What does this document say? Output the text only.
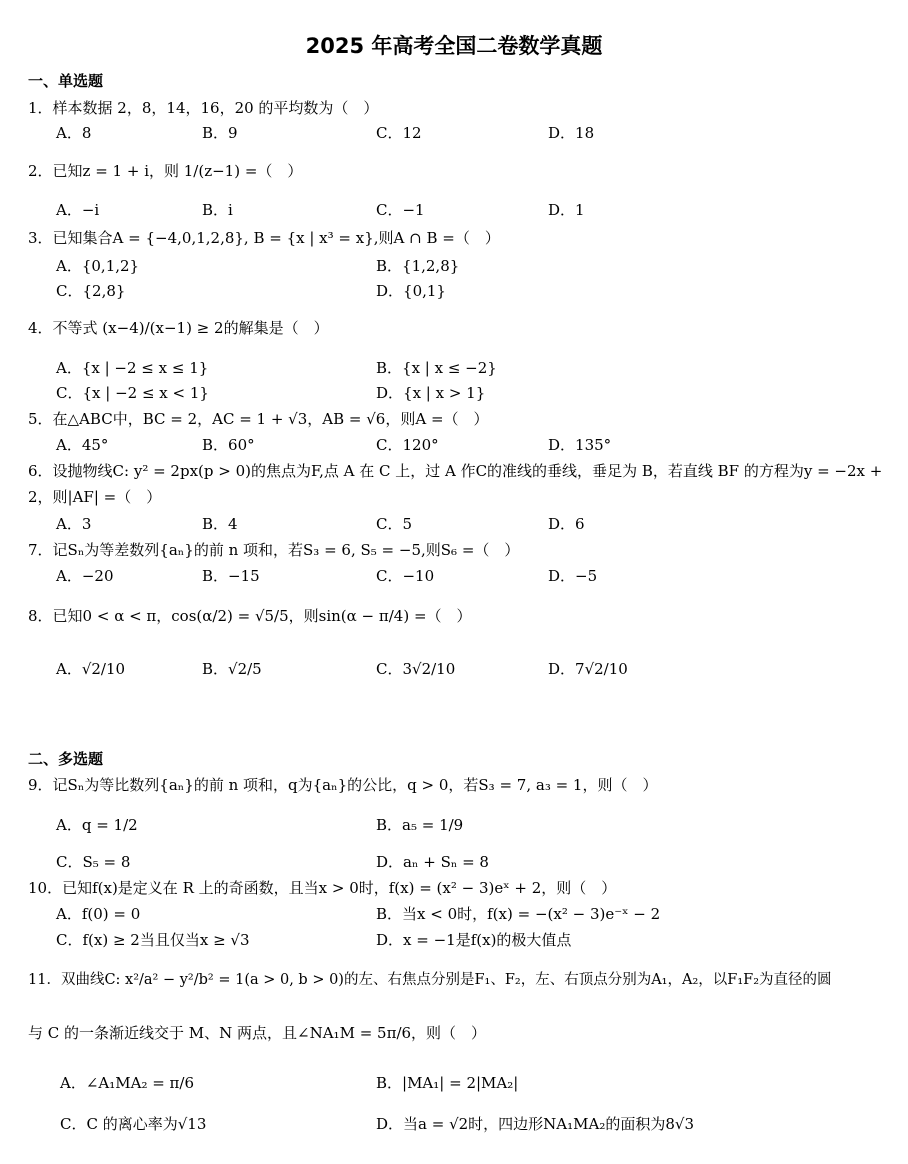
2025 年高考全国二卷数学真题
一、单选题
1．样本数据 2，8，14，16，20 的平均数为（　）
A．8	B．9	C．12	D．18
2．已知z = 1 + i，则 1/(z−1) =（　）
A．−i	B．i	C．−1	D．1
3．已知集合A = {−4,0,1,2,8}, B = {x | x³ = x},则A ∩ B =（　）
A．{0,1,2}	B．{1,2,8}
C．{2,8}	D．{0,1}
4．不等式 (x−4)/(x−1) ≥ 2的解集是（　）
A．{x | −2 ≤ x ≤ 1}	B．{x | x ≤ −2}
C．{x | −2 ≤ x < 1}	D．{x | x > 1}
5．在△ABC中，BC = 2，AC = 1 + √3，AB = √6，则A =（　）
A．45°	B．60°	C．120°	D．135°
6．设抛物线C: y² = 2px(p > 0)的焦点为F,点 A 在 C 上，过 A 作C的准线的垂线，垂足为 B，若直线 BF 的方程为y = −2x + 2，则|AF| =（　）
A．3	B．4	C．5	D．6
7．记Sₙ为等差数列{aₙ}的前 n 项和，若S₃ = 6, S₅ = −5,则S₆ =（　）
A．−20	B．−15	C．−10	D．−5
8．已知0 < α < π，cos(α/2) = √5/5，则sin(α − π/4) =（　）
A．√2/10	B．√2/5	C．3√2/10	D．7√2/10
二、多选题
9．记Sₙ为等比数列{aₙ}的前 n 项和，q为{aₙ}的公比，q > 0，若S₃ = 7, a₃ = 1，则（　）
A．q = 1/2	B．a₅ = 1/9
C．S₅ = 8	D．aₙ + Sₙ = 8
10．已知f(x)是定义在 R 上的奇函数，且当x > 0时，f(x) = (x² − 3)eˣ + 2，则（　）
A．f(0) = 0	B．当x < 0时，f(x) = −(x² − 3)e⁻ˣ − 2
C．f(x) ≥ 2当且仅当x ≥ √3	D．x = −1是f(x)的极大值点
11．双曲线C: x²/a² − y²/b² = 1(a > 0, b > 0)的左、右焦点分别是F₁、F₂，左、右顶点分别为A₁，A₂，以F₁F₂为直径的圆
与 C 的一条渐近线交于 M、N 两点，且∠NA₁M = 5π/6，则（　）
A．∠A₁MA₂ = π/6	B．|MA₁| = 2|MA₂|
C．C 的离心率为√13	D．当a = √2时，四边形NA₁MA₂的面积为8√3
